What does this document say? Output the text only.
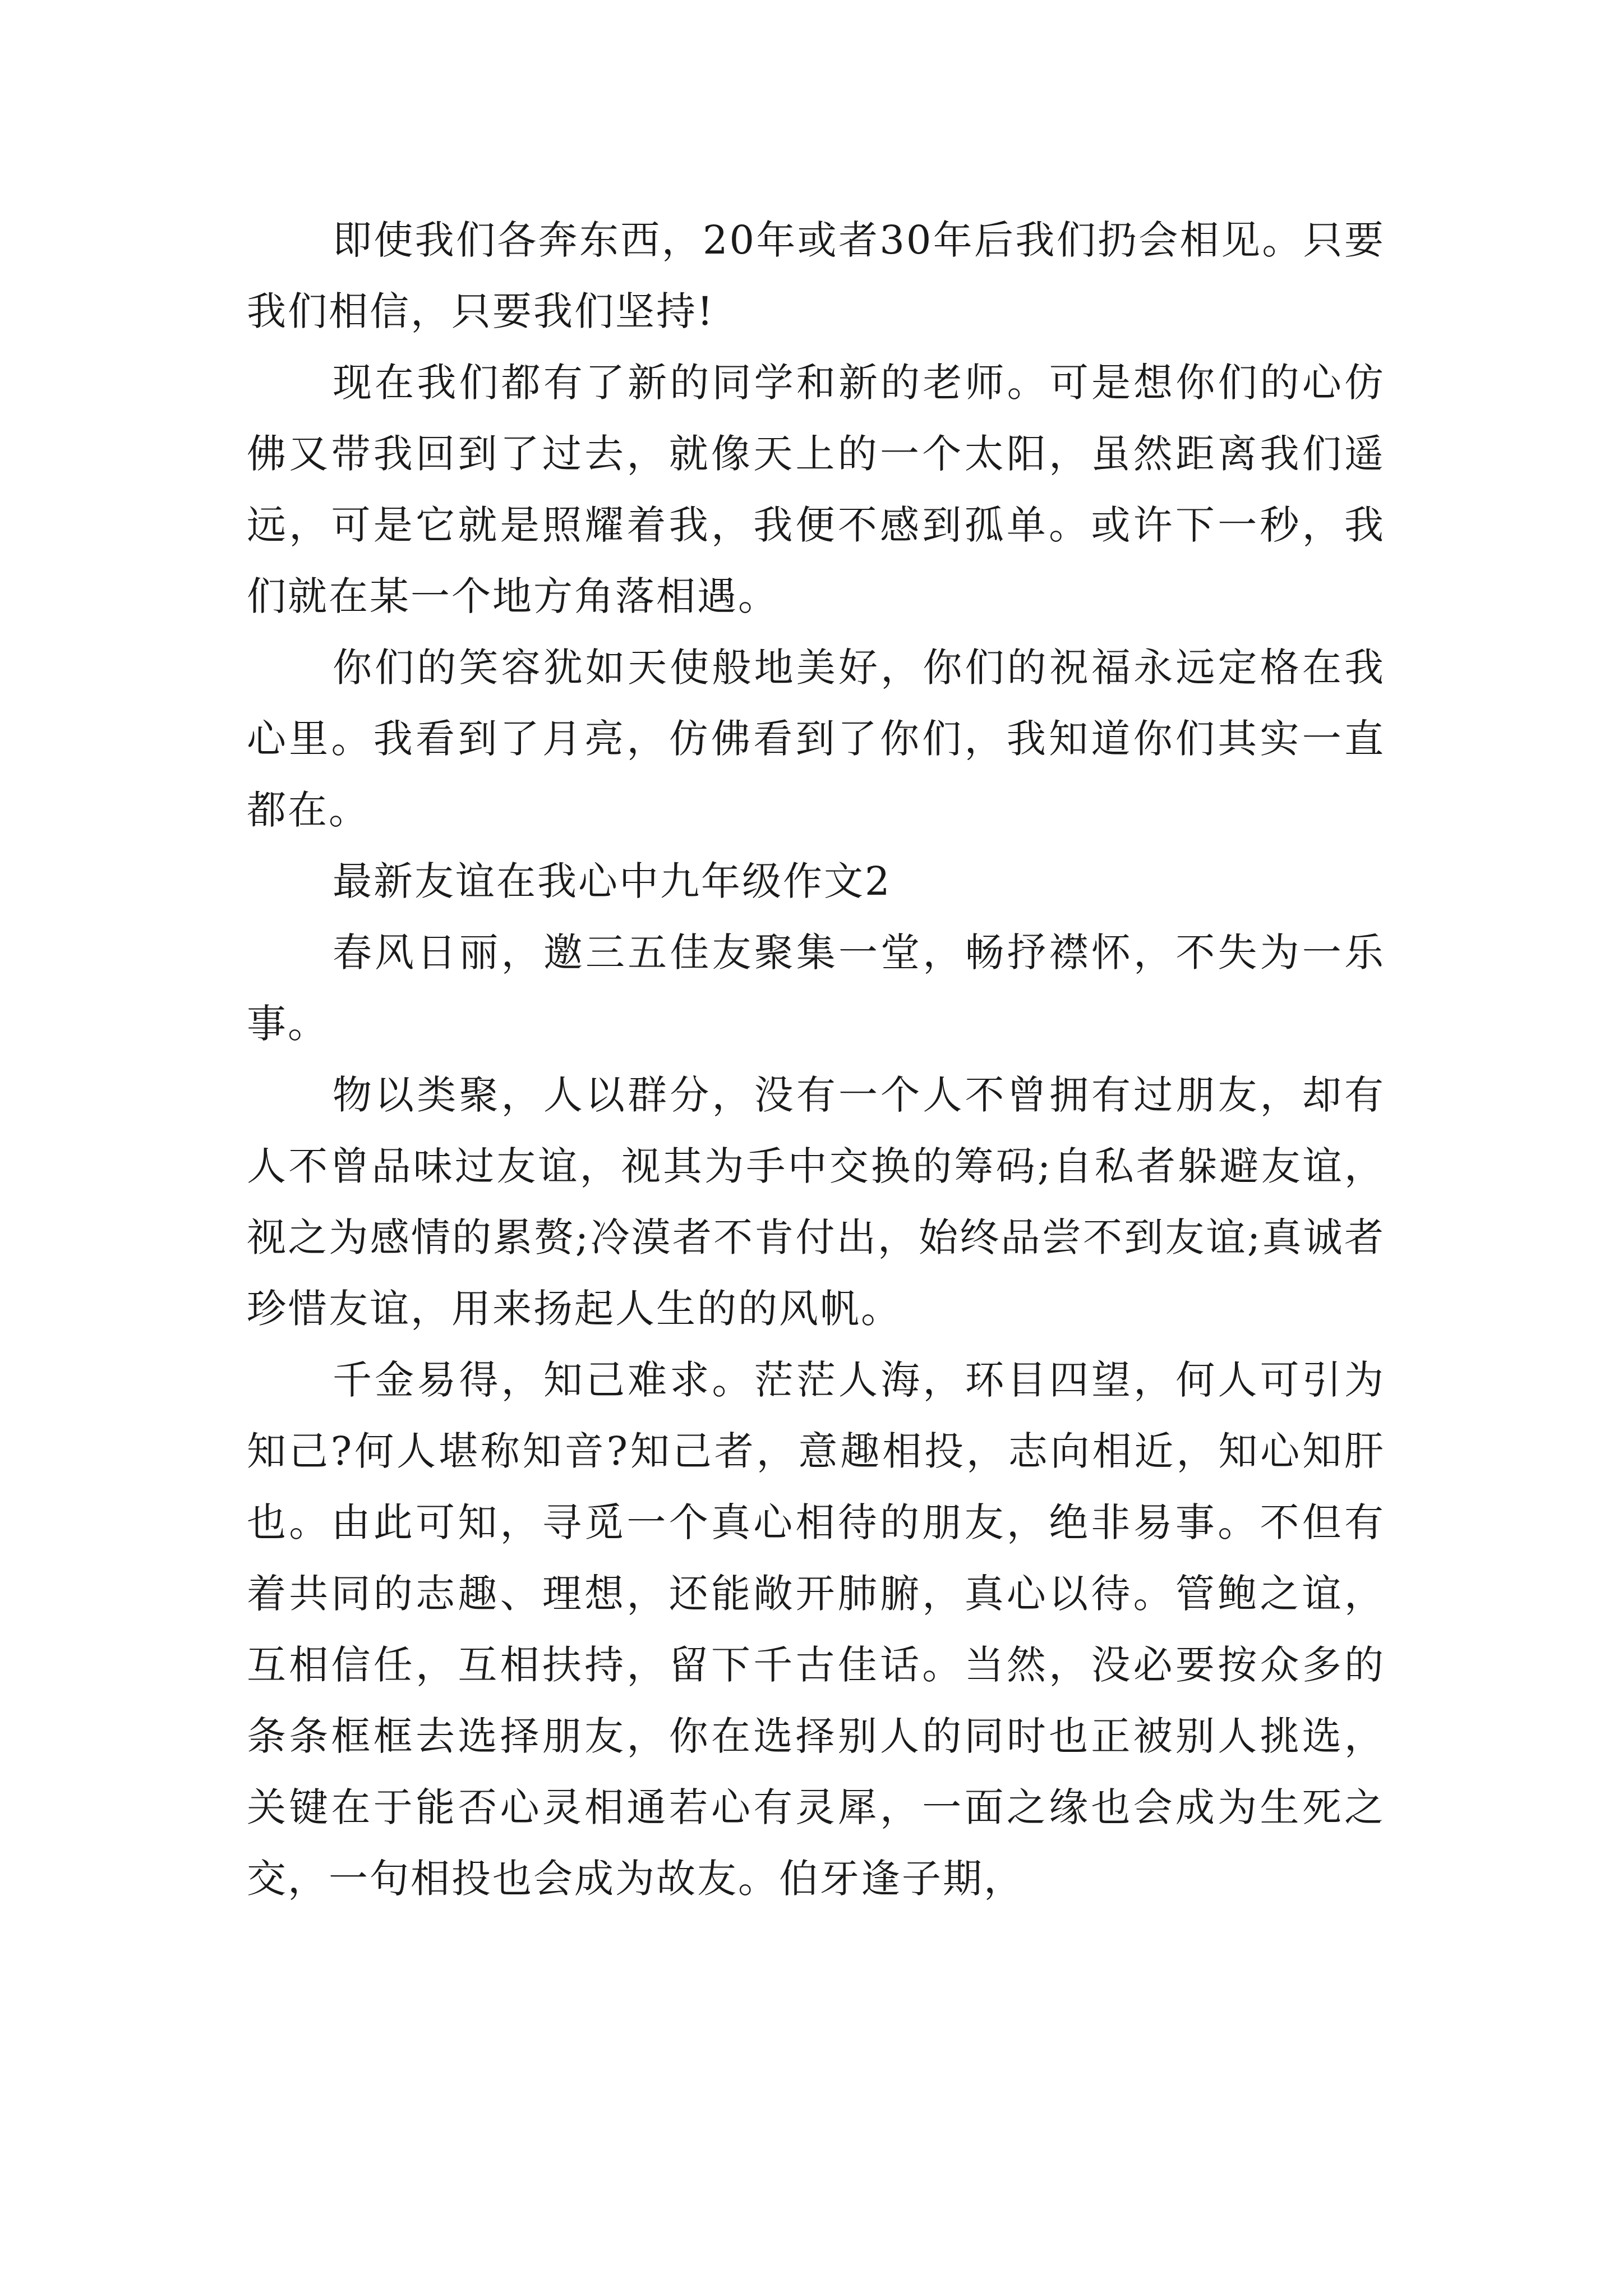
即使我们各奔东西，20年或者30年后我们扔会相见。只要我们相信，只要我们坚持!

现在我们都有了新的同学和新的老师。可是想你们的心仿佛又带我回到了过去，就像天上的一个太阳，虽然距离我们遥远，可是它就是照耀着我，我便不感到孤单。或许下一秒，我们就在某一个地方角落相遇。

你们的笑容犹如天使般地美好，你们的祝福永远定格在我心里。我看到了月亮，仿佛看到了你们，我知道你们其实一直都在。

最新友谊在我心中九年级作文2

春风日丽，邀三五佳友聚集一堂，畅抒襟怀，不失为一乐事。

物以类聚，人以群分，没有一个人不曾拥有过朋友，却有人不曾品味过友谊，视其为手中交换的筹码;自私者躲避友谊，视之为感情的累赘;冷漠者不肯付出，始终品尝不到友谊;真诚者珍惜友谊，用来扬起人生的的风帆。

千金易得，知己难求。茫茫人海，环目四望，何人可引为知己?何人堪称知音?知己者，意趣相投，志向相近，知心知肝也。由此可知，寻觅一个真心相待的朋友，绝非易事。不但有着共同的志趣、理想，还能敞开肺腑，真心以待。管鲍之谊，互相信任，互相扶持，留下千古佳话。当然，没必要按众多的条条框框去选择朋友，你在选择别人的同时也正被别人挑选，关键在于能否心灵相通若心有灵犀，一面之缘也会成为生死之交，一句相投也会成为故友。伯牙逢子期，
